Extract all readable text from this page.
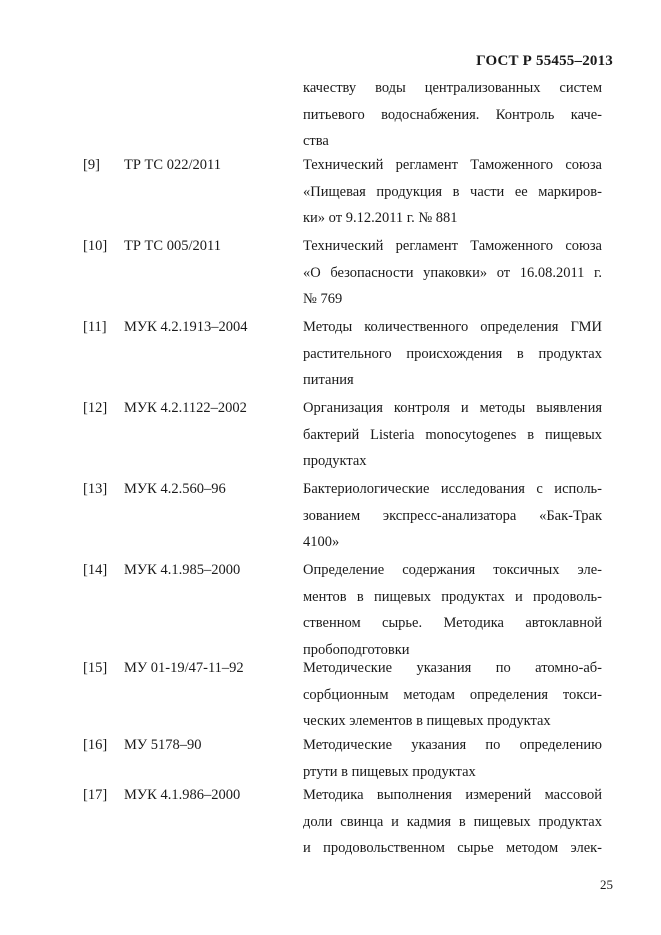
ГОСТ Р 55455–2013
качеству воды централизованных систем
питьевого водоснабжения. Контроль каче-
ства
[9] ТР ТС 022/2011	Технический регламент Таможенного союза
«Пищевая продукция в части ее маркиров-
ки» от 9.12.2011 г. № 881
[10] ТР ТС 005/2011	Технический регламент Таможенного союза
«О безопасности упаковки» от 16.08.2011 г.
№ 769
[11] МУК 4.2.1913–2004	Методы количественного определения ГМИ
растительного происхождения в продуктах
питания
[12] МУК 4.2.1122–2002	Организация контроля и методы выявления
бактерий Listeria monocytogenes в пищевых
продуктах
[13] МУК 4.2.560–96	Бактериологические исследования с исполь-
зованием экспресс-анализатора «Бак-Трак
4100»
[14] МУК 4.1.985–2000	Определение содержания токсичных эле-
ментов в пищевых продуктах и продоволь-
ственном сырье. Методика автоклавной
пробоподготовки
[15] МУ 01-19/47-11–92	Методические указания по атомно-аб-
сорбционным методам определения токси-
ческих элементов в пищевых продуктах
[16] МУ 5178–90	Методические указания по определению
ртути в пищевых продуктах
[17] МУК 4.1.986–2000	Методика выполнения измерений массовой
доли свинца и кадмия в пищевых продуктах
и продовольственном сырье методом элек-
25
